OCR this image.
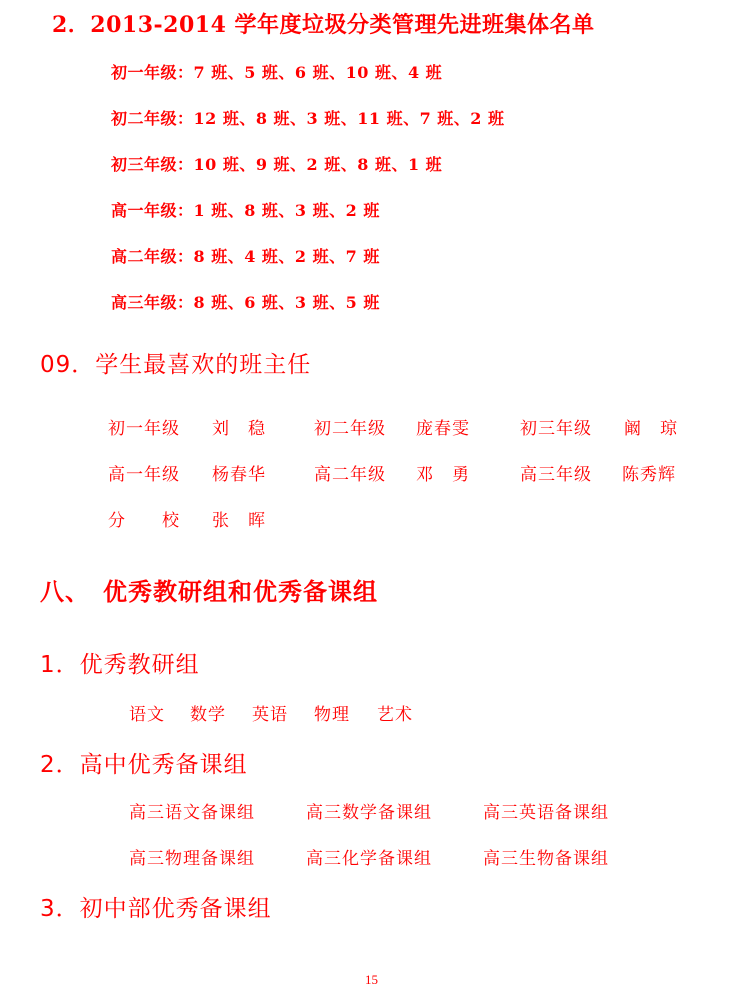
2．2013-2014 学年度垃圾分类管理先进班集体名单
初一年级：7 班、5 班、6 班、10 班、4 班
初二年级：12 班、8 班、3 班、11 班、7 班、2 班
初三年级：10 班、9 班、2 班、8 班、1 班
高一年级：1 班、8 班、3 班、2 班
高二年级：8 班、4 班、2 班、7 班
高三年级：8 班、6 班、3 班、5 班
09．学生最喜欢的班主任
初一年级 刘　稳	初二年级 庞春雯	初三年级 阚　琼
高一年级 杨春华	高二年级 邓　勇	高三年级 陈秀辉
分　　校 张　晖
八、　优秀教研组和优秀备课组
1．优秀教研组
语文 数学 英语 物理 艺术
2．高中优秀备课组
高三语文备课组	高三数学备课组	高三英语备课组
高三物理备课组	高三化学备课组	高三生物备课组
3．初中部优秀备课组
15
